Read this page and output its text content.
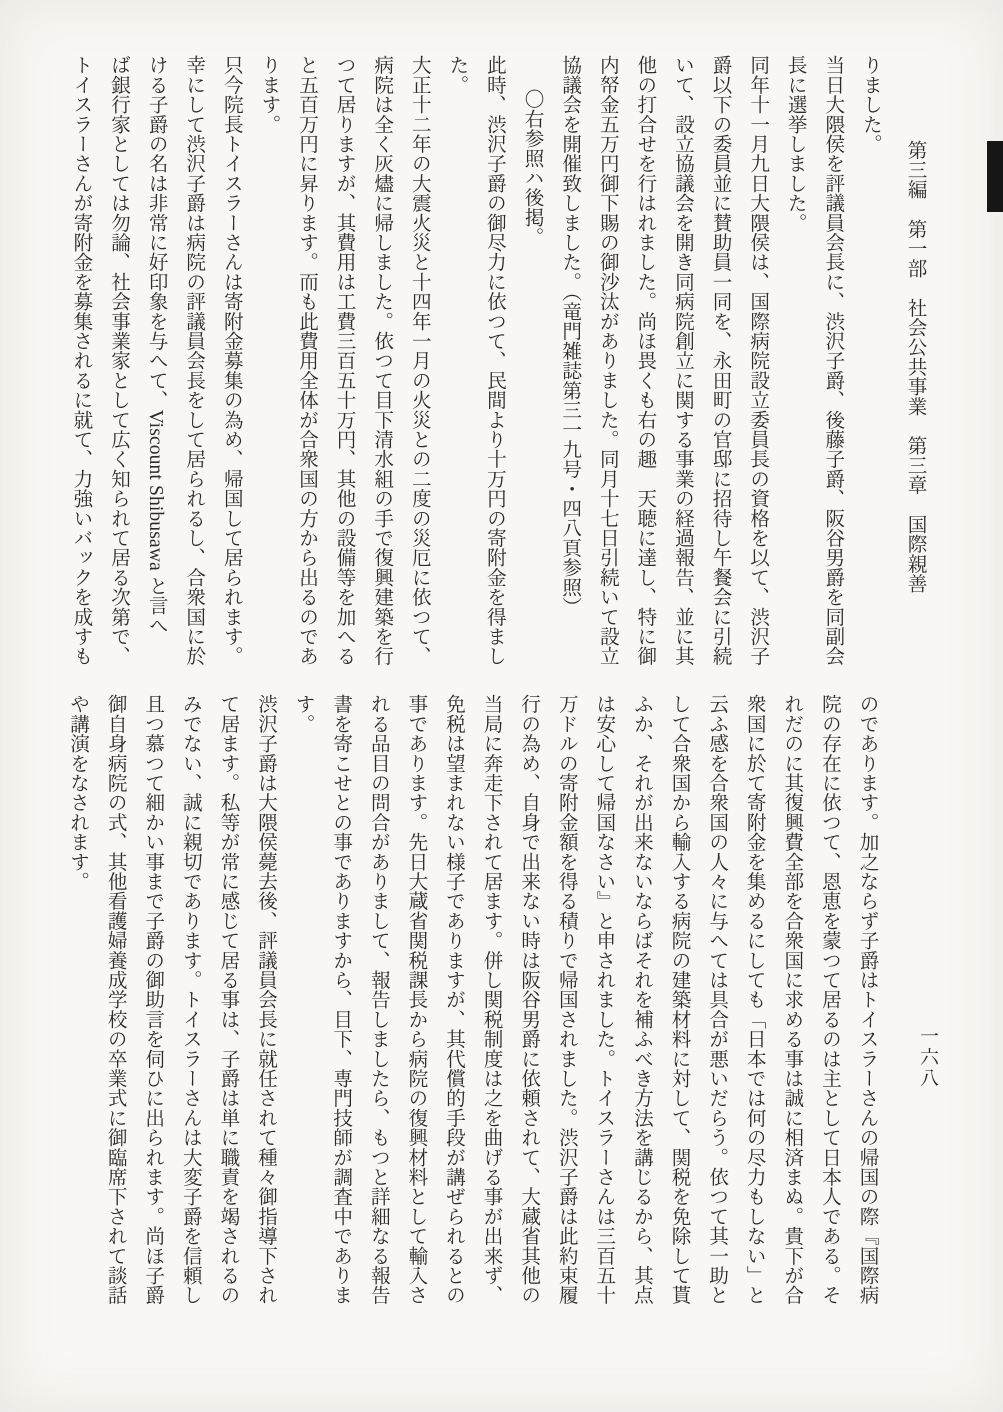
第三編　第一部　社会公共事業　第三章　国際親善
りました。
当日大隈侯を評議員会長に、渋沢子爵、後藤子爵、阪谷男爵を同副会
長に選挙しました。
同年十一月九日大隈侯は、国際病院設立委員長の資格を以て、渋沢子
爵以下の委員並に賛助員一同を、永田町の官邸に招待し午餐会に引続
いて、設立協議会を開き同病院創立に関する事業の経過報告、並に其
他の打合せを行はれました。尚ほ畏くも右の趣　天聴に達し、特に御
内帑金五万円御下賜の御沙汰がありました。同月十七日引続いて設立
協議会を開催致しました。（竜門雑誌第三一九号・四八頁参照）
〇右参照ハ後掲。
此時、渋沢子爵の御尽力に依つて、民間より十万円の寄附金を得まし
た。
大正十二年の大震火災と十四年一月の火災との二度の災厄に依つて、
病院は全く灰燼に帰しました。依つて目下清水組の手で復興建築を行
つて居りますが、其費用は工費三百五十万円、其他の設備等を加へる
と五百万円に昇ります。而も此費用全体が合衆国の方から出るのであ
ります。
只今院長トイスラーさんは寄附金募集の為め、帰国して居られます。
幸にして渋沢子爵は病院の評議員会長をして居られるし、合衆国に於
ける子爵の名は非常に好印象を与へて、Viscount Shibusawa と言へ
ば銀行家としては勿論、社会事業家として広く知られて居る次第で、
トイスラーさんが寄附金を募集されるに就て、力強いバックを成すも
のであります。加之ならず子爵はトイスラーさんの帰国の際『国際病
院の存在に依つて、恩恵を蒙つて居るのは主として日本人である。そ
れだのに其復興費全部を合衆国に求める事は誠に相済まぬ。貴下が合
衆国に於て寄附金を集めるにしても「日本では何の尽力もしない」と
云ふ感を合衆国の人々に与へては具合が悪いだらう。依つて其一助と
して合衆国から輸入する病院の建築材料に対して、関税を免除して貰
ふか、それが出来ないならばそれを補ふべき方法を講じるから、其点
は安心して帰国なさい』と申されました。トイスラーさんは三百五十
万ドルの寄附金額を得る積りで帰国されました。渋沢子爵は此約束履
行の為め、自身で出来ない時は阪谷男爵に依頼されて、大蔵省其他の
当局に奔走下されて居ます。併し関税制度は之を曲げる事が出来ず、
免税は望まれない様子でありますが、其代償的手段が講ぜられるとの
事であります。先日大蔵省関税課長から病院の復興材料として輸入さ
れる品目の問合がありまして、報告しましたら、もつと詳細なる報告
書を寄こせとの事でありますから、目下、専門技師が調査中でありま
す。
渋沢子爵は大隈侯薨去後、評議員会長に就任されて種々御指導下され
て居ます。私等が常に感じて居る事は、子爵は単に職責を竭されるの
みでない、誠に親切であります。トイスラーさんは大変子爵を信頼し
且つ慕つて細かい事まで子爵の御助言を伺ひに出られます。尚ほ子爵
御自身病院の式、其他看護婦養成学校の卒業式に御臨席下されて談話
や講演をなされます。
一六八
